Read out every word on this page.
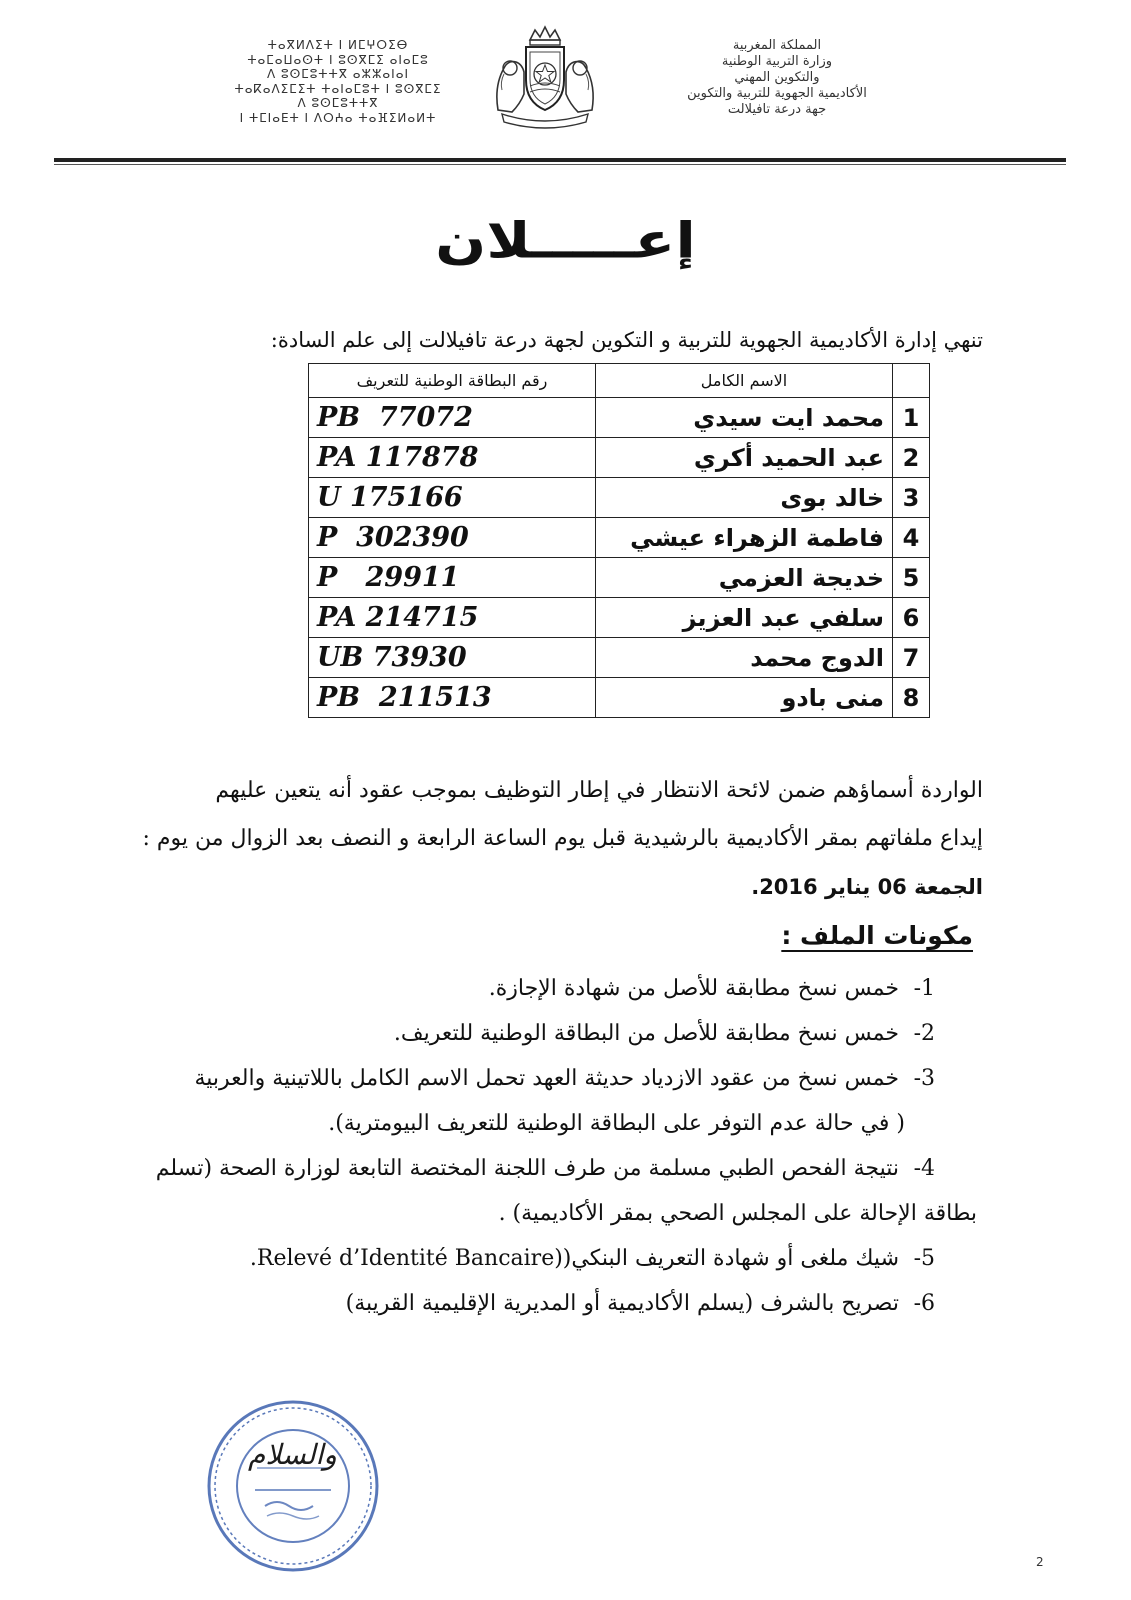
ⵜⴰⴳⵍⴷⵉⵜ ⵏ ⵍⵎⵖⵔⵉⴱ
ⵜⴰⵎⴰⵡⴰⵙⵜ ⵏ ⵓⵙⴳⵎⵉ ⴰⵏⴰⵎⵓ
ⴷ ⵓⵙⵎⵓⵜⵜⴳ ⴰⵣⵣⴰⵏⴰⵏ
ⵜⴰⴽⴰⴷⵉⵎⵉⵜ ⵜⴰⵏⴰⵎⵓⵜ ⵏ ⵓⵙⴳⵎⵉ
ⴷ ⵓⵙⵎⵓⵜⵜⴳ
ⵏ ⵜⵎⵏⴰⴹⵜ ⵏ ⴷⵔⵄⴰ ⵜⴰⴼⵉⵍⴰⵍⵜ
المملكة المغربية
وزارة التربية الوطنية
والتكوين المهني
الأكاديمية الجهوية للتربية والتكوين
جهة درعة تافيلالت
إعـــــلان
تنهي إدارة الأكاديمية الجهوية للتربية و التكوين لجهة درعة تافيلالت إلى علم السادة:
	الاسم الكامل	رقم البطاقة الوطنية للتعريف
1	محمد ايت سيدي	PB  77072
2	عبد الحميد أكري	PA 117878
3	خالد بوى	U 175166
4	فاطمة الزهراء عيشي	P  302390
5	خديجة العزمي	P   29911
6	سلفي عبد العزيز	PA 214715
7	الدوج محمد	UB 73930
8	منى بادو	PB  211513

الواردة أسماؤهم ضمن لائحة الانتظار في إطار التوظيف بموجب عقود أنه يتعين عليهم

إيداع ملفاتهم بمقر الأكاديمية بالرشيدية قبل يوم الساعة الرابعة و النصف بعد الزوال من يوم :

الجمعة 06 يناير 2016.

مكونات الملف :

1-خمس نسخ مطابقة للأصل من شهادة الإجازة.

2-خمس نسخ مطابقة للأصل من البطاقة الوطنية للتعريف.

3-خمس نسخ من عقود الازدياد حديثة العهد تحمل الاسم الكامل باللاتينية والعربية

( في حالة عدم التوفر على البطاقة الوطنية للتعريف البيومترية).

4-نتيجة الفحص الطبي مسلمة من طرف اللجنة المختصة التابعة لوزارة الصحة (تسلم

بطاقة الإحالة على المجلس الصحي بمقر الأكاديمية) .

5-شيك ملغى أو شهادة التعريف البنكي((Relevé d’Identité Bancaire.

6-تصريح بالشرف (يسلم الأكاديمية أو المديرية الإقليمية القريبة)

والسلام
2
